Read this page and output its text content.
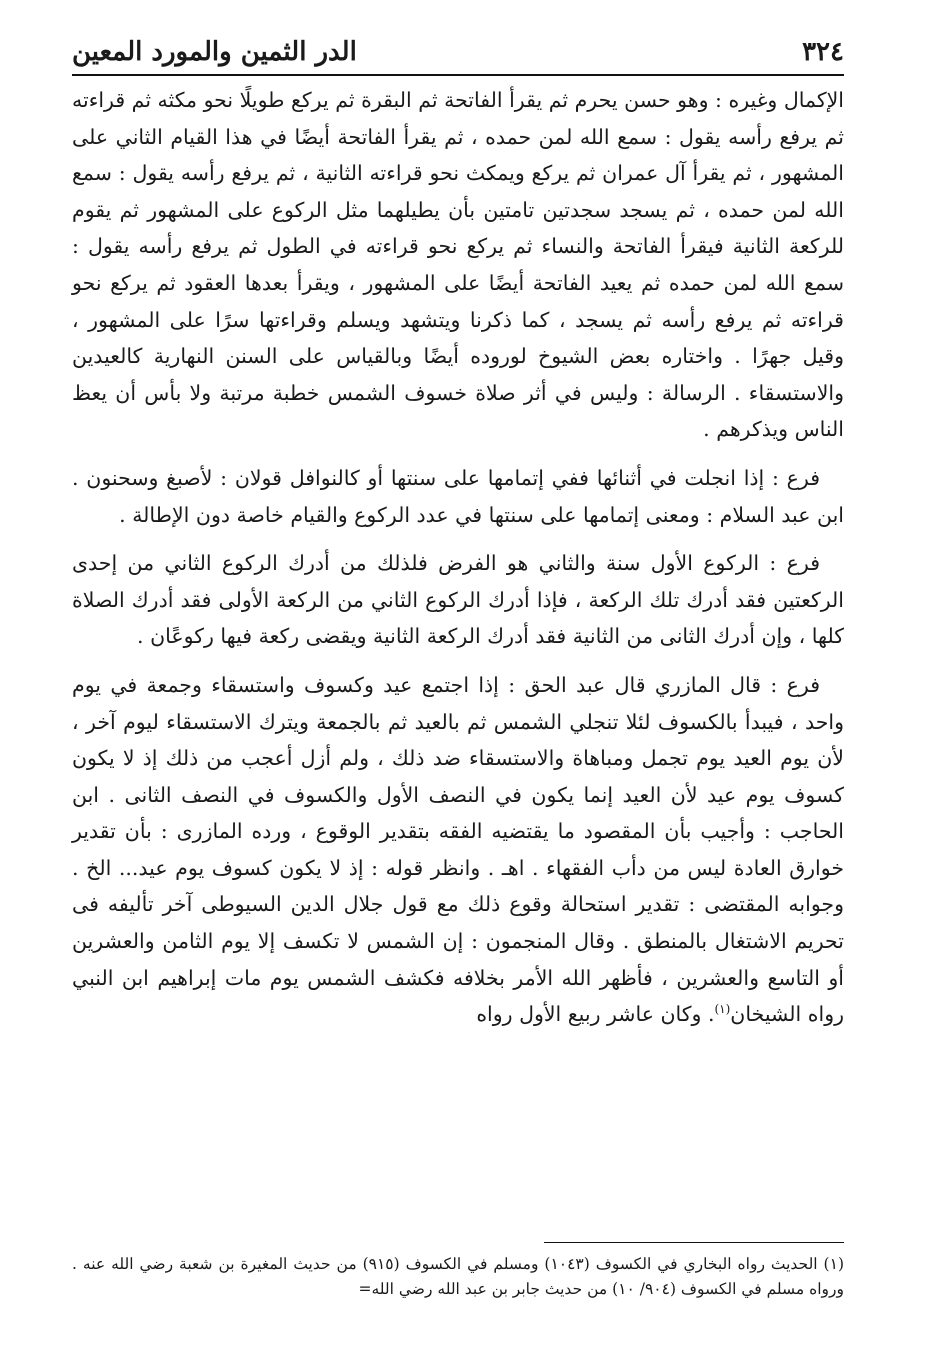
٣٢٤
الدر الثمين والمورد المعين

الإكمال وغيره : وهو حسن يحرم ثم يقرأ الفاتحة ثم البقرة ثم يركع طويلًا نحو مكثه ثم قراءته ثم يرفع رأسه يقول : سمع الله لمن حمده ، ثم يقرأ الفاتحة أيضًا في هذا القيام الثاني على المشهور ، ثم يقرأ آل عمران ثم يركع ويمكث نحو قراءته الثانية ، ثم يرفع رأسه يقول : سمع الله لمن حمده ، ثم يسجد سجدتين تامتين بأن يطيلهما مثل الركوع على المشهور ثم يقوم للركعة الثانية فيقرأ الفاتحة والنساء ثم يركع نحو قراءته في الطول ثم يرفع رأسه يقول : سمع الله لمن حمده ثم يعيد الفاتحة أيضًا على المشهور ، ويقرأ بعدها العقود ثم يركع نحو قراءته ثم يرفع رأسه ثم يسجد ، كما ذكرنا ويتشهد ويسلم وقراءتها سرًا على المشهور ، وقيل جهرًا . واختاره بعض الشيوخ لوروده أيضًا وبالقياس على السنن النهارية كالعيدين والاستسقاء . الرسالة : وليس في أثر صلاة خسوف الشمس خطبة مرتبة ولا بأس أن يعظ الناس ويذكرهم .

فرع : إذا انجلت في أثنائها ففي إتمامها على سنتها أو كالنوافل قولان : لأصبغ وسحنون . ابن عبد السلام : ومعنى إتمامها على سنتها في عدد الركوع والقيام خاصة دون الإطالة .

فرع : الركوع الأول سنة والثاني هو الفرض فلذلك من أدرك الركوع الثاني من إحدى الركعتين فقد أدرك تلك الركعة ، فإذا أدرك الركوع الثاني من الركعة الأولى فقد أدرك الصلاة كلها ، وإن أدرك الثانى من الثانية فقد أدرك الركعة الثانية ويقضى ركعة فيها ركوعًان .

فرع : قال المازري قال عبد الحق : إذا اجتمع عيد وكسوف واستسقاء وجمعة في يوم واحد ، فيبدأ بالكسوف لئلا تنجلي الشمس ثم بالعيد ثم بالجمعة ويترك الاستسقاء ليوم آخر ، لأن يوم العيد يوم تجمل ومباهاة والاستسقاء ضد ذلك ، ولم أزل أعجب من ذلك إذ لا يكون كسوف يوم عيد لأن العيد إنما يكون في النصف الأول والكسوف في النصف الثانى . ابن الحاجب : وأجيب بأن المقصود ما يقتضيه الفقه بتقدير الوقوع ، ورده المازرى : بأن تقدير خوارق العادة ليس من دأب الفقهاء . اهـ . وانظر قوله : إذ لا يكون كسوف يوم عيد... الخ . وجوابه المقتضى : تقدير استحالة وقوع ذلك مع قول جلال الدين السيوطى آخر تأليفه فى تحريم الاشتغال بالمنطق . وقال المنجمون : إن الشمس لا تكسف إلا يوم الثامن والعشرين أو التاسع والعشرين ، فأظهر الله الأمر بخلافه فكشف الشمس يوم مات إبراهيم ابن النبي رواه الشيخان$^{(١)}$. وكان عاشر ربيع الأول رواه

(١) الحديث رواه البخاري في الكسوف (١٠٤٣) ومسلم في الكسوف (٩١٥) من حديث المغيرة بن شعبة رضي الله عنه . ورواه مسلم في الكسوف (٩٠٤/ ١٠) من حديث جابر بن عبد الله رضي الله=
